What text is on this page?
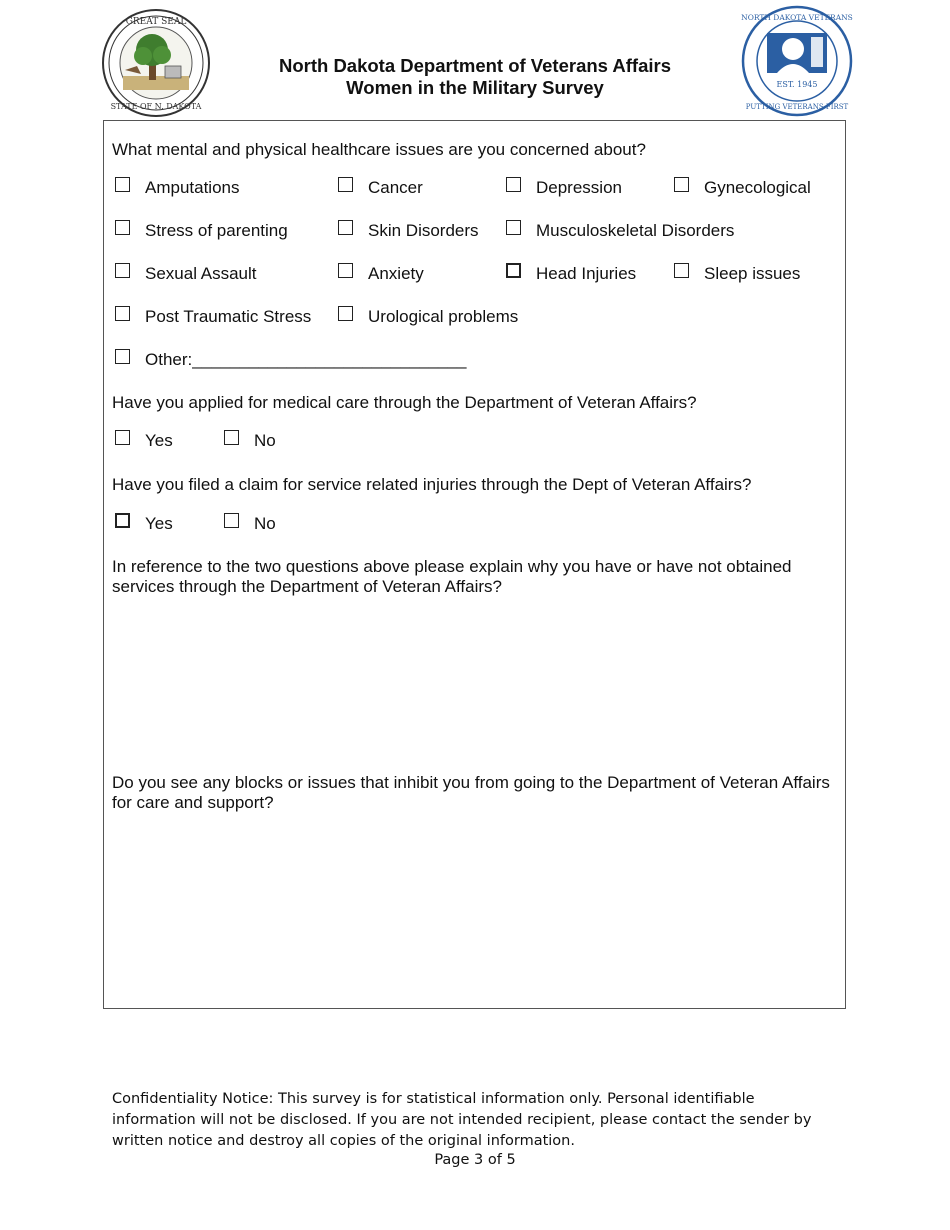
GREAT SEAL
STATE OF N. DAKOTA
EST. 1945
NORTH DAKOTA VETERANS
PUTTING VETERANS FIRST
North Dakota Department of Veterans Affairs
Women in the Military Survey
What mental and physical healthcare issues are you concerned about?
Amputations	Cancer	Depression	Gynecological
Stress of parenting	Skin Disorders	Musculoskeletal Disorders
Sexual Assault	Anxiety	Head Injuries	Sleep issues
Post Traumatic Stress	Urological problems
Other:_____________________________
Have you applied for medical care through the Department of Veteran Affairs?
Yes	No
Have you filed a claim for service related injuries through the Dept of Veteran Affairs?
Yes	No
In reference to the two questions above please explain why you have or have not obtained services through the Department of Veteran Affairs?
Do you see any blocks or issues that inhibit you from going to the Department of Veteran Affairs for care and support?
Confidentiality Notice: This survey is for statistical information only. Personal identifiable information will not be disclosed. If you are not intended recipient, please contact the sender by written notice and destroy all copies of the original information.
Page 3 of 5
